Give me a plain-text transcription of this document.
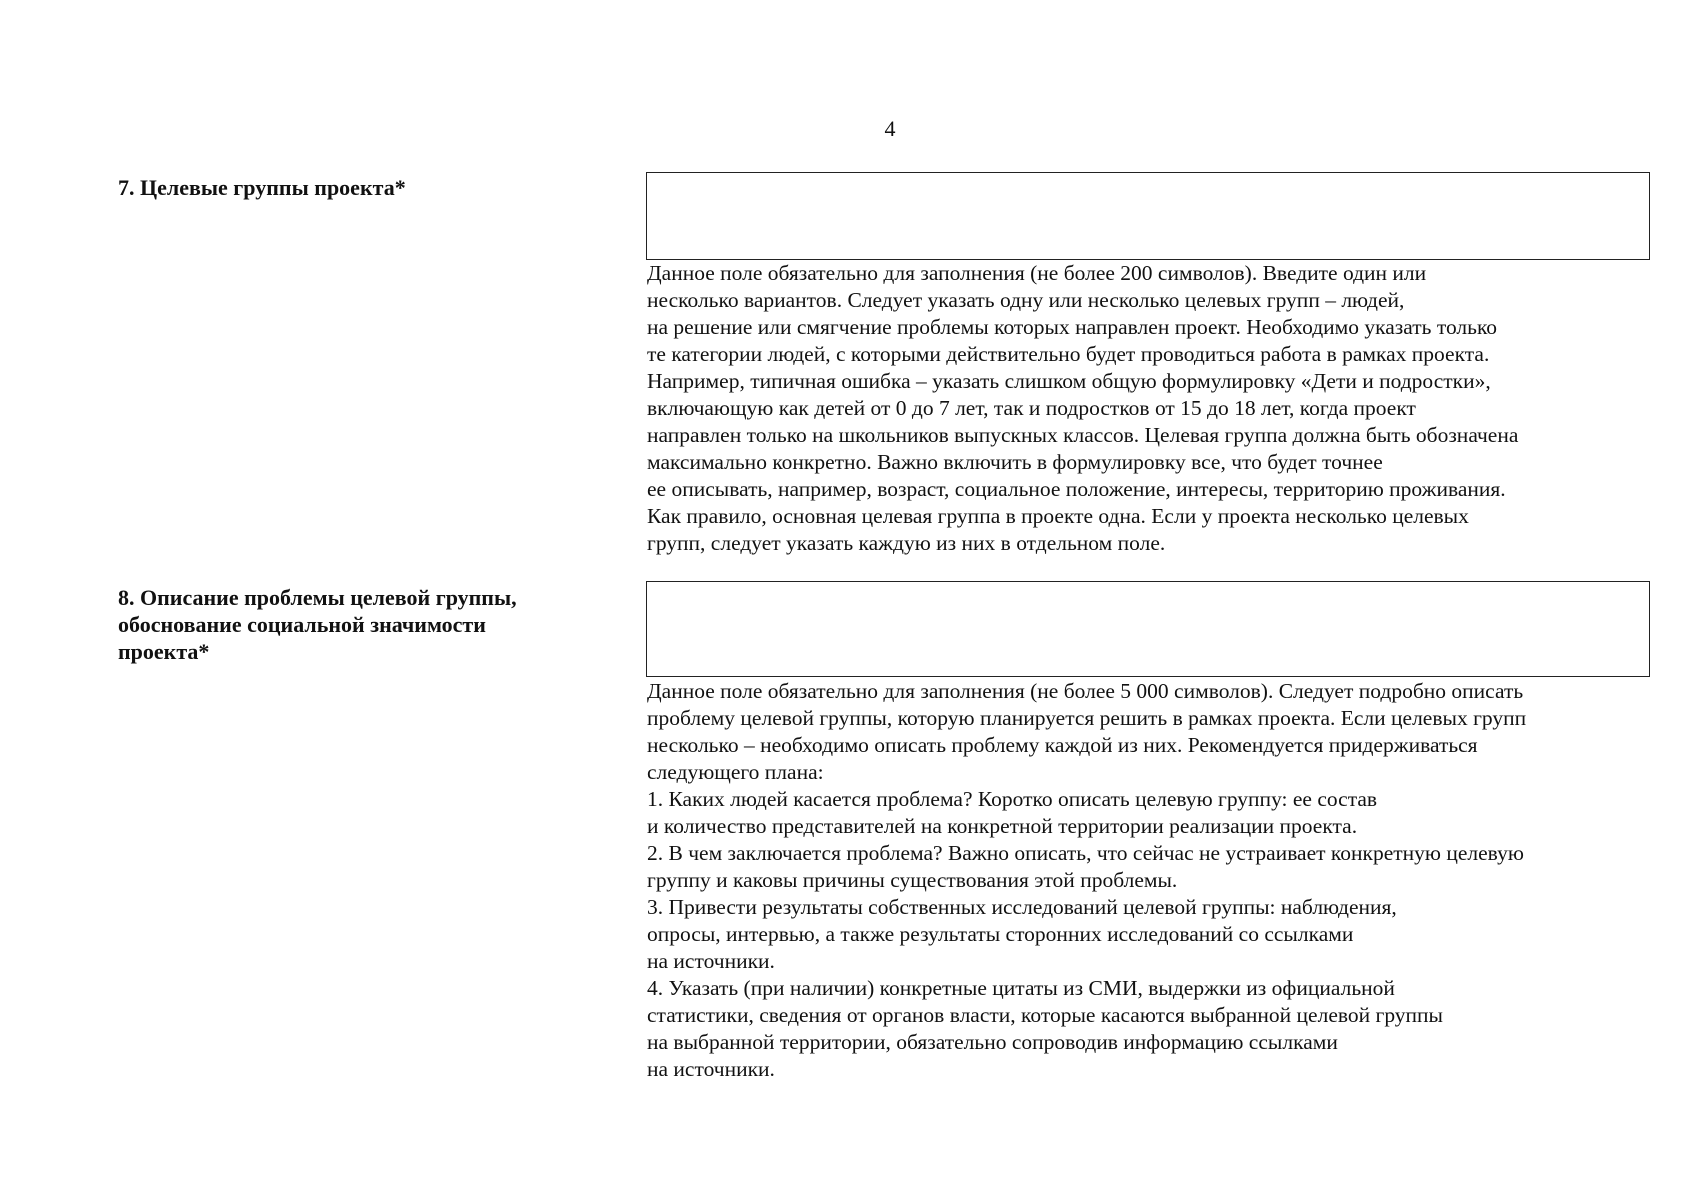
4
7. Целевые группы проекта*
Данное поле обязательно для заполнения (не более 200 символов). Введите один или
несколько вариантов. Следует указать одну или несколько целевых групп – людей,
на решение или смягчение проблемы которых направлен проект. Необходимо указать только
те категории людей, с которыми действительно будет проводиться работа в рамках проекта.
Например, типичная ошибка – указать слишком общую формулировку «Дети и подростки»,
включающую как детей от 0 до 7 лет, так и подростков от 15 до 18 лет, когда проект
направлен только на школьников выпускных классов. Целевая группа должна быть обозначена
максимально конкретно. Важно включить в формулировку все, что будет точнее
ее описывать, например, возраст, социальное положение, интересы, территорию проживания.
Как правило, основная целевая группа в проекте одна. Если у проекта несколько целевых
групп, следует указать каждую из них в отдельном поле.
8. Описание проблемы целевой группы,
обоснование социальной значимости
проекта*
Данное поле обязательно для заполнения (не более 5 000 символов). Следует подробно описать
проблему целевой группы, которую планируется решить в рамках проекта. Если целевых групп
несколько – необходимо описать проблему каждой из них. Рекомендуется придерживаться
следующего плана:
1. Каких людей касается проблема? Коротко описать целевую группу: ее состав
и количество представителей на конкретной территории реализации проекта.
2. В чем заключается проблема? Важно описать, что сейчас не устраивает конкретную целевую
группу и каковы причины существования этой проблемы.
3. Привести результаты собственных исследований целевой группы: наблюдения,
опросы, интервью, а также результаты сторонних исследований со ссылками
на источники.
4. Указать (при наличии) конкретные цитаты из СМИ, выдержки из официальной
статистики, сведения от органов власти, которые касаются выбранной целевой группы
на выбранной территории, обязательно сопроводив информацию ссылками
на источники.
